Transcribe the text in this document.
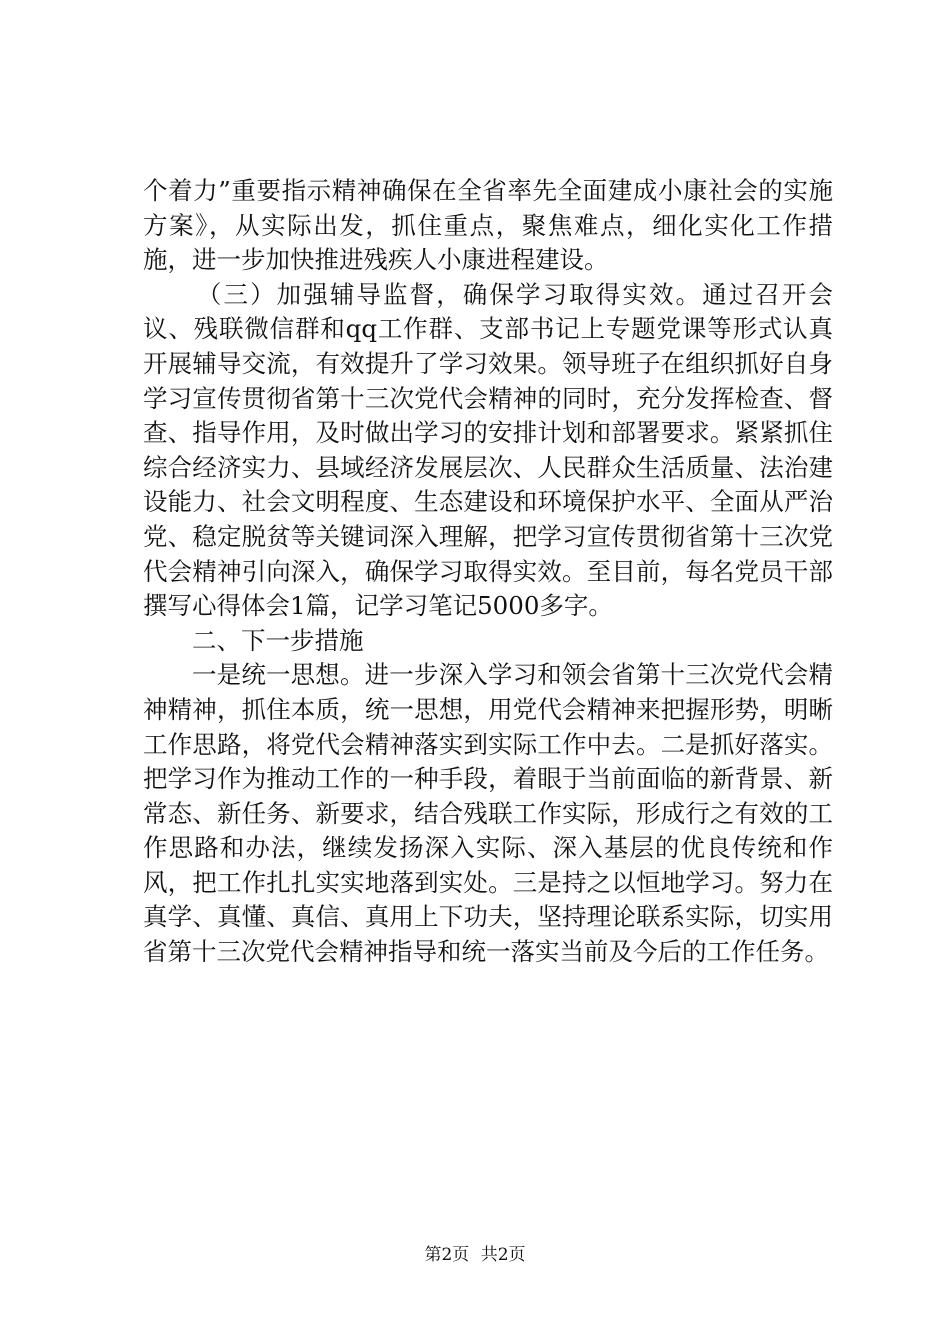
个着力”重要指示精神确保在全省率先全面建成小康社会的实施方案》，从实际出发，抓住重点，聚焦难点，细化实化工作措施，进一步加快推进残疾人小康进程建设。

（三）加强辅导监督，确保学习取得实效。通过召开会议、残联微信群和qq工作群、支部书记上专题党课等形式认真开展辅导交流，有效提升了学习效果。领导班子在组织抓好自身学习宣传贯彻省第十三次党代会精神的同时，充分发挥检查、督查、指导作用，及时做出学习的安排计划和部署要求。紧紧抓住综合经济实力、县域经济发展层次、人民群众生活质量、法治建设能力、社会文明程度、生态建设和环境保护水平、全面从严治党、稳定脱贫等关键词深入理解，把学习宣传贯彻省第十三次党代会精神引向深入，确保学习取得实效。至目前，每名党员干部撰写心得体会1篇，记学习笔记5000多字。

二、下一步措施

一是统一思想。进一步深入学习和领会省第十三次党代会精神精神，抓住本质，统一思想，用党代会精神来把握形势，明晰工作思路，将党代会精神落实到实际工作中去。二是抓好落实。把学习作为推动工作的一种手段，着眼于当前面临的新背景、新常态、新任务、新要求，结合残联工作实际，形成行之有效的工作思路和办法，继续发扬深入实际、深入基层的优良传统和作风，把工作扎扎实实地落到实处。三是持之以恒地学习。努力在真学、真懂、真信、真用上下功夫，坚持理论联系实际，切实用省第十三次党代会精神指导和统一落实当前及今后的工作任务。

第2页 共2页
